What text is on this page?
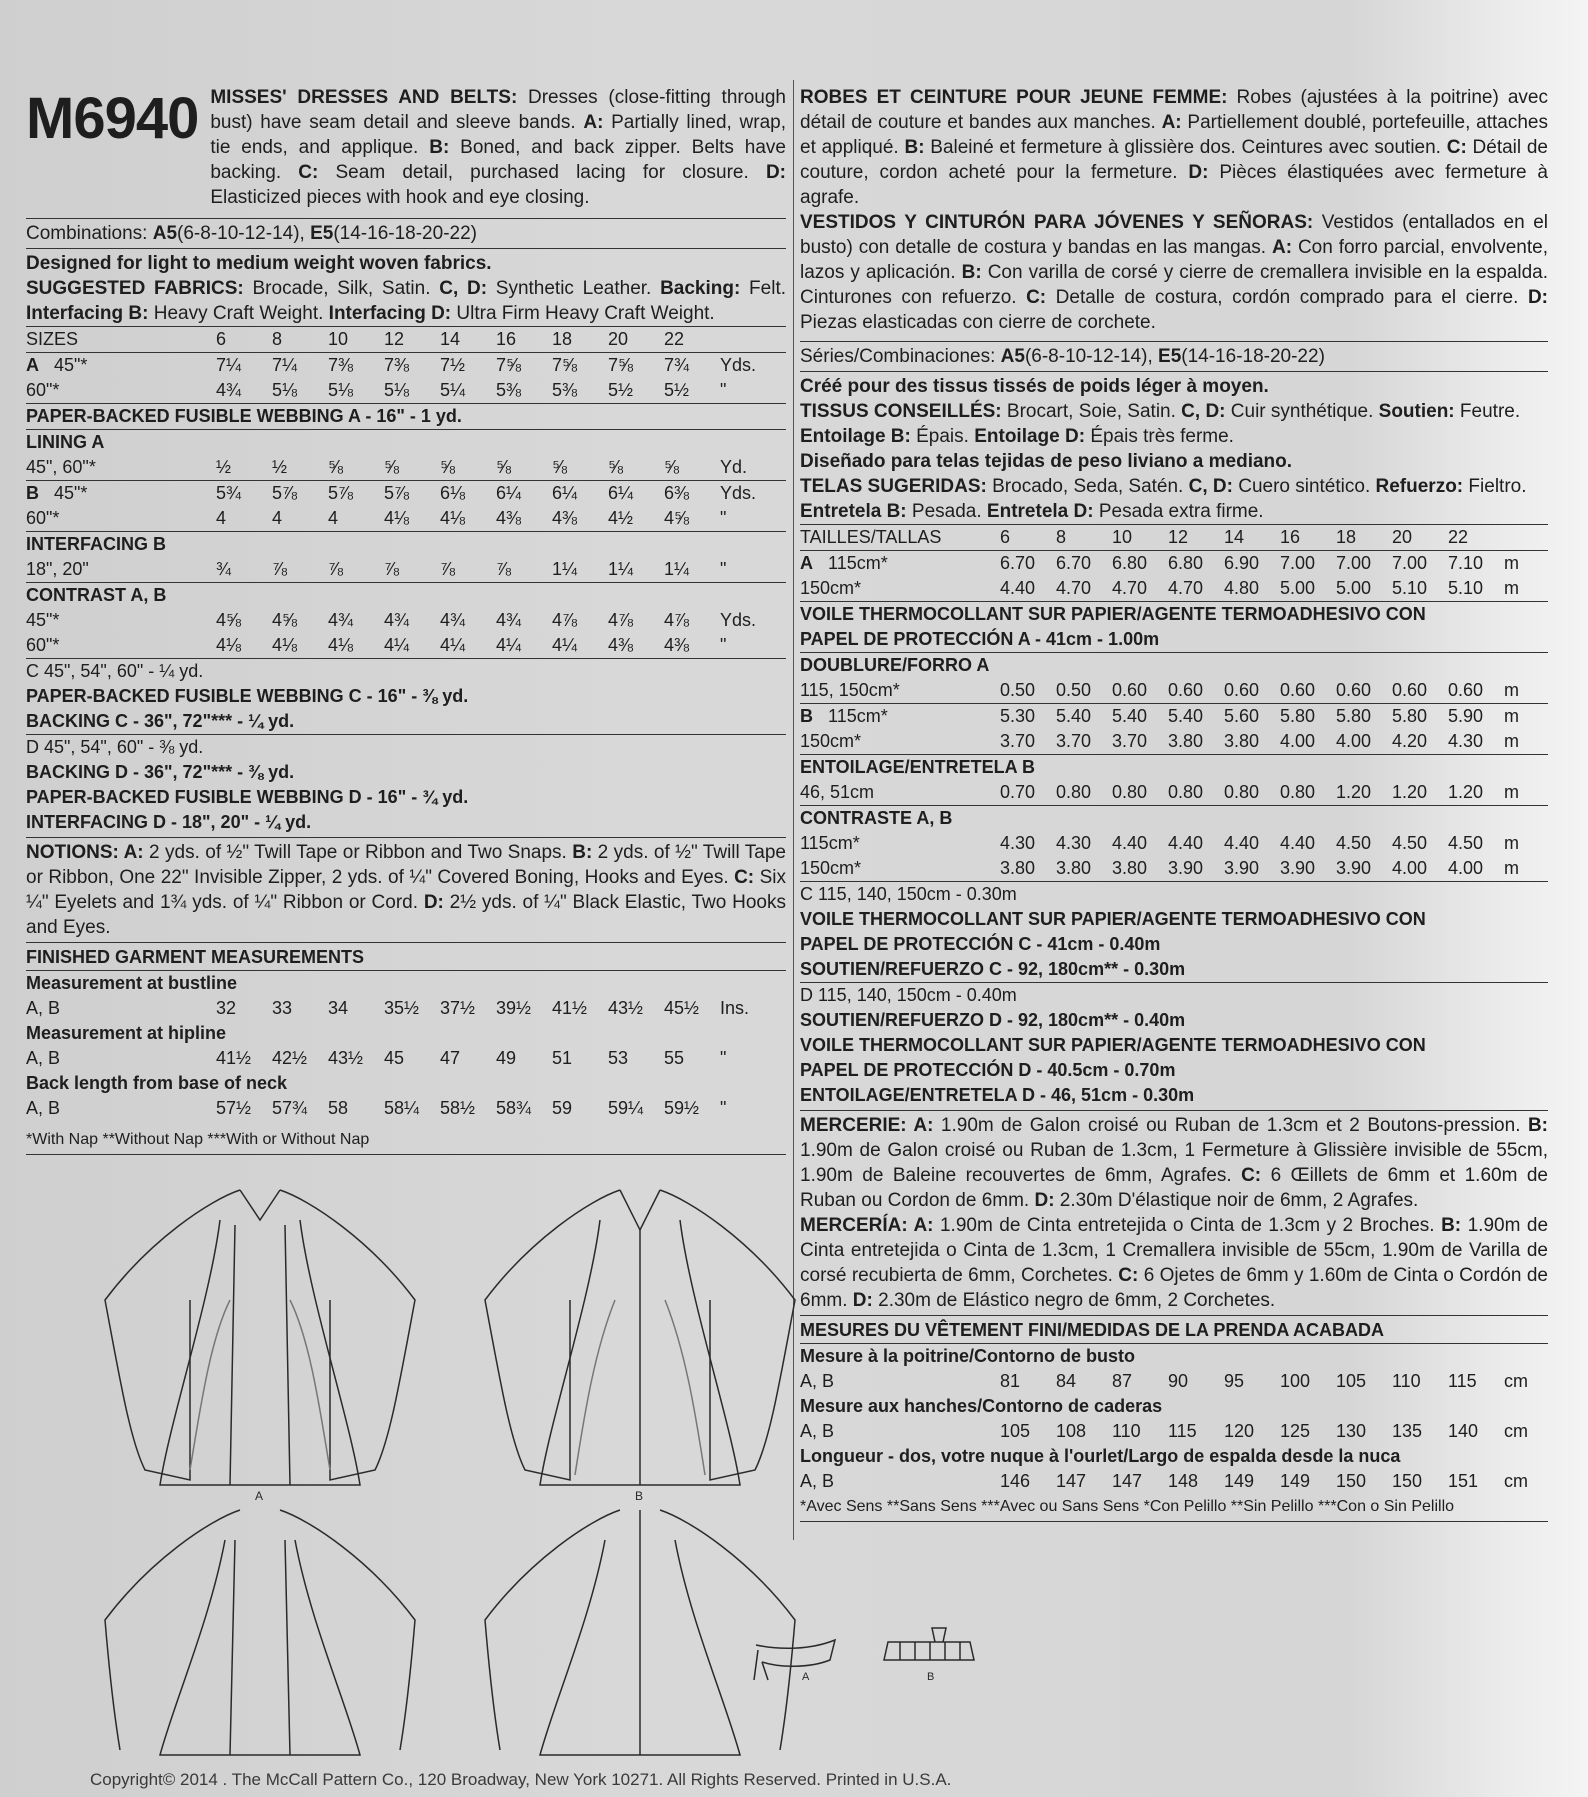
M6940 MISSES' DRESSES AND BELTS: Dresses (close-fitting through bust) have seam detail and sleeve bands. A: Partially lined, wrap, tie ends, and applique. B: Boned, and back zipper. Belts have backing. C: Seam detail, purchased lacing for closure. D: Elasticized pieces with hook and eye closing.
Combinations: A5(6-8-10-12-14), E5(14-16-18-20-22)
Designed for light to medium weight woven fabrics.
SUGGESTED FABRICS: Brocade, Silk, Satin. C, D: Synthetic Leather. Backing: Felt. Interfacing B: Heavy Craft Weight. Interfacing D: Ultra Firm Heavy Craft Weight.
SIZES	6	8	10	12	14	16	18	20	22	
A 45"*	7¼	7¼	7⅜	7⅜	7½	7⅝	7⅝	7⅝	7¾	Yds.
60"*	4¾	5⅛	5⅛	5⅛	5¼	5⅜	5⅜	5½	5½	"
PAPER-BACKED FUSIBLE WEBBING A - 16" - 1 yd.										
LINING A										
45", 60"*	½	½	⅝	⅝	⅝	⅝	⅝	⅝	⅝	Yd.
B 45"*	5¾	5⅞	5⅞	5⅞	6⅛	6¼	6¼	6¼	6⅜	Yds.
60"*	4	4	4	4⅛	4⅛	4⅜	4⅜	4½	4⅝	"
INTERFACING B										
18", 20"	¾	⅞	⅞	⅞	⅞	⅞	1¼	1¼	1¼	"
CONTRAST A, B										
45"*	4⅝	4⅝	4¾	4¾	4¾	4¾	4⅞	4⅞	4⅞	Yds.
60"*	4⅛	4⅛	4⅛	4¼	4¼	4¼	4¼	4⅜	4⅜	"
C 45", 54", 60" - ¼ yd.										
PAPER-BACKED FUSIBLE WEBBING C - 16" - ⅜ yd.										
BACKING C - 36", 72"*** - ¼ yd.										
D 45", 54", 60" - ⅜ yd.										
BACKING D - 36", 72"*** - ⅜ yd.										
PAPER-BACKED FUSIBLE WEBBING D - 16" - ¾ yd.										
INTERFACING D - 18", 20" - ¼ yd.										
NOTIONS: A: 2 yds. of ½" Twill Tape or Ribbon and Two Snaps. B: 2 yds. of ½" Twill Tape or Ribbon, One 22" Invisible Zipper, 2 yds. of ¼" Covered Boning, Hooks and Eyes. C: Six ¼" Eyelets and 1¾ yds. of ¼" Ribbon or Cord. D: 2½ yds. of ¼" Black Elastic, Two Hooks and Eyes.
FINISHED GARMENT MEASUREMENTS										
Measurement at bustline										
A, B	32	33	34	35½	37½	39½	41½	43½	45½	Ins.
Measurement at hipline										
A, B	41½	42½	43½	45	47	49	51	53	55	"
Back length from base of neck										
A, B	57½	57¾	58	58¼	58½	58¾	59	59¼	59½	"
*With Nap **Without Nap ***With or Without Nap
ROBES ET CEINTURE POUR JEUNE FEMME: Robes (ajustées à la poitrine) avec détail de couture et bandes aux manches. A: Partiellement doublé, portefeuille, attaches et appliqué. B: Baleiné et fermeture à glissière dos. Ceintures avec soutien. C: Détail de couture, cordon acheté pour la fermeture. D: Pièces élastiquées avec fermeture à agrafe.
VESTIDOS Y CINTURÓN PARA JÓVENES Y SEÑORAS: Vestidos (entallados en el busto) con detalle de costura y bandas en las mangas. A: Con forro parcial, envolvente, lazos y aplicación. B: Con varilla de corsé y cierre de cremallera invisible en la espalda. Cinturones con refuerzo. C: Detalle de costura, cordón comprado para el cierre. D: Piezas elasticadas con cierre de corchete.
Séries/Combinaciones: A5(6-8-10-12-14), E5(14-16-18-20-22)
Créé pour des tissus tissés de poids léger à moyen.
TISSUS CONSEILLÉS: Brocart, Soie, Satin. C, D: Cuir synthétique. Soutien: Feutre. Entoilage B: Épais. Entoilage D: Épais très ferme.
Diseñado para telas tejidas de peso liviano a mediano.
TELAS SUGERIDAS: Brocado, Seda, Satén. C, D: Cuero sintético. Refuerzo: Fieltro. Entretela B: Pesada. Entretela D: Pesada extra firme.
TAILLES/TALLAS	6	8	10	12	14	16	18	20	22	
A 115cm*	6.70	6.70	6.80	6.80	6.90	7.00	7.00	7.00	7.10	m
150cm*	4.40	4.70	4.70	4.70	4.80	5.00	5.00	5.10	5.10	m
VOILE THERMOCOLLANT SUR PAPIER/AGENTE TERMOADHESIVO CON										
PAPEL DE PROTECCIÓN A - 41cm - 1.00m										
DOUBLURE/FORRO A										
115, 150cm*	0.50	0.50	0.60	0.60	0.60	0.60	0.60	0.60	0.60	m
B 115cm*	5.30	5.40	5.40	5.40	5.60	5.80	5.80	5.80	5.90	m
150cm*	3.70	3.70	3.70	3.80	3.80	4.00	4.00	4.20	4.30	m
ENTOILAGE/ENTRETELA B										
46, 51cm	0.70	0.80	0.80	0.80	0.80	0.80	1.20	1.20	1.20	m
CONTRASTE A, B										
115cm*	4.30	4.30	4.40	4.40	4.40	4.40	4.50	4.50	4.50	m
150cm*	3.80	3.80	3.80	3.90	3.90	3.90	3.90	4.00	4.00	m
C 115, 140, 150cm - 0.30m										
VOILE THERMOCOLLANT SUR PAPIER/AGENTE TERMOADHESIVO CON										
PAPEL DE PROTECCIÓN C - 41cm - 0.40m										
SOUTIEN/REFUERZO C - 92, 180cm** - 0.30m										
D 115, 140, 150cm - 0.40m										
SOUTIEN/REFUERZO D - 92, 180cm** - 0.40m										
VOILE THERMOCOLLANT SUR PAPIER/AGENTE TERMOADHESIVO CON										
PAPEL DE PROTECCIÓN D - 40.5cm - 0.70m										
ENTOILAGE/ENTRETELA D - 46, 51cm - 0.30m										
MERCERIE: A: 1.90m de Galon croisé ou Ruban de 1.3cm et 2 Boutons-pression. B: 1.90m de Galon croisé ou Ruban de 1.3cm, 1 Fermeture à Glissière invisible de 55cm, 1.90m de Baleine recouvertes de 6mm, Agrafes. C: 6 Œillets de 6mm et 1.60m de Ruban ou Cordon de 6mm. D: 2.30m D'élastique noir de 6mm, 2 Agrafes.
MERCERÍA: A: 1.90m de Cinta entretejida o Cinta de 1.3cm y 2 Broches. B: 1.90m de Cinta entretejida o Cinta de 1.3cm, 1 Cremallera invisible de 55cm, 1.90m de Varilla de corsé recubierta de 6mm, Corchetes. C: 6 Ojetes de 6mm y 1.60m de Cinta o Cordón de 6mm. D: 2.30m de Elástico negro de 6mm, 2 Corchetes.
MESURES DU VÊTEMENT FINI/MEDIDAS DE LA PRENDA ACABADA										
Mesure à la poitrine/Contorno de busto										
A, B	81	84	87	90	95	100	105	110	115	cm
Mesure aux hanches/Contorno de caderas										
A, B	105	108	110	115	120	125	130	135	140	cm
Longueur - dos, votre nuque à l'ourlet/Largo de espalda desde la nuca										
A, B	146	147	147	148	149	149	150	150	151	cm
*Avec Sens **Sans Sens ***Avec ou Sans Sens *Con Pelillo **Sin Pelillo ***Con o Sin Pelillo
A	B
A	B
Copyright© 2014 . The McCall Pattern Co., 120 Broadway, New York 10271. All Rights Reserved. Printed in U.S.A.
